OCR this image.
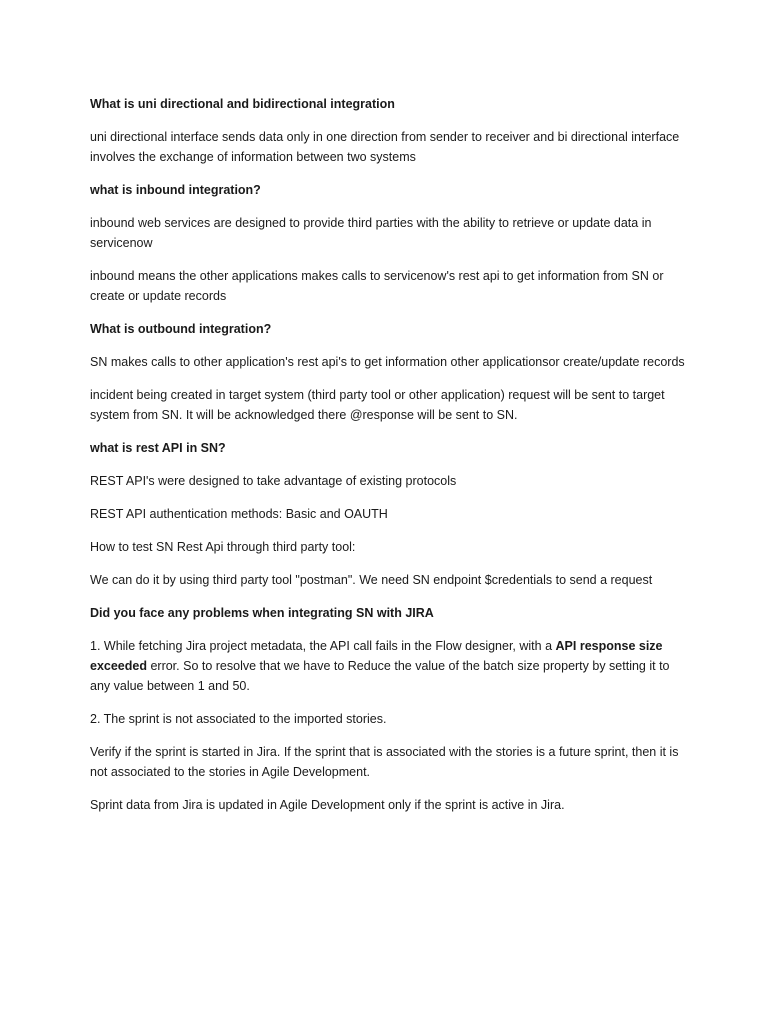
What is uni directional and bidirectional integration

uni directional interface sends data only in one direction from sender to receiver and bi directional interface involves the exchange of information between two systems

what is inbound integration?

inbound web services are designed to provide third parties with the ability to retrieve or update data in servicenow

inbound means the other applications makes calls to servicenow's rest api to get information from SN or create or update records

What is outbound integration?

SN makes calls to other application's rest api's to get information other applicationsor create/update records

incident being created in target system (third party tool or other application) request will be sent to target system from SN. It will be acknowledged there @response will be sent to SN.

what is rest API in SN?

REST API's were designed to take advantage of existing protocols

REST API authentication methods: Basic and OAUTH

How to test SN Rest Api through third party tool:

We can do it by using third party tool "postman". We need SN endpoint $credentials to send a request

Did you face any problems when integrating SN with JIRA

1. While fetching Jira project metadata, the API call fails in the Flow designer, with a API response size exceeded error. So to resolve that we have to Reduce the value of the batch size property by setting it to any value between 1 and 50.

2. The sprint is not associated to the imported stories.

Verify if the sprint is started in Jira. If the sprint that is associated with the stories is a future sprint, then it is not associated to the stories in Agile Development.

Sprint data from Jira is updated in Agile Development only if the sprint is active in Jira.
